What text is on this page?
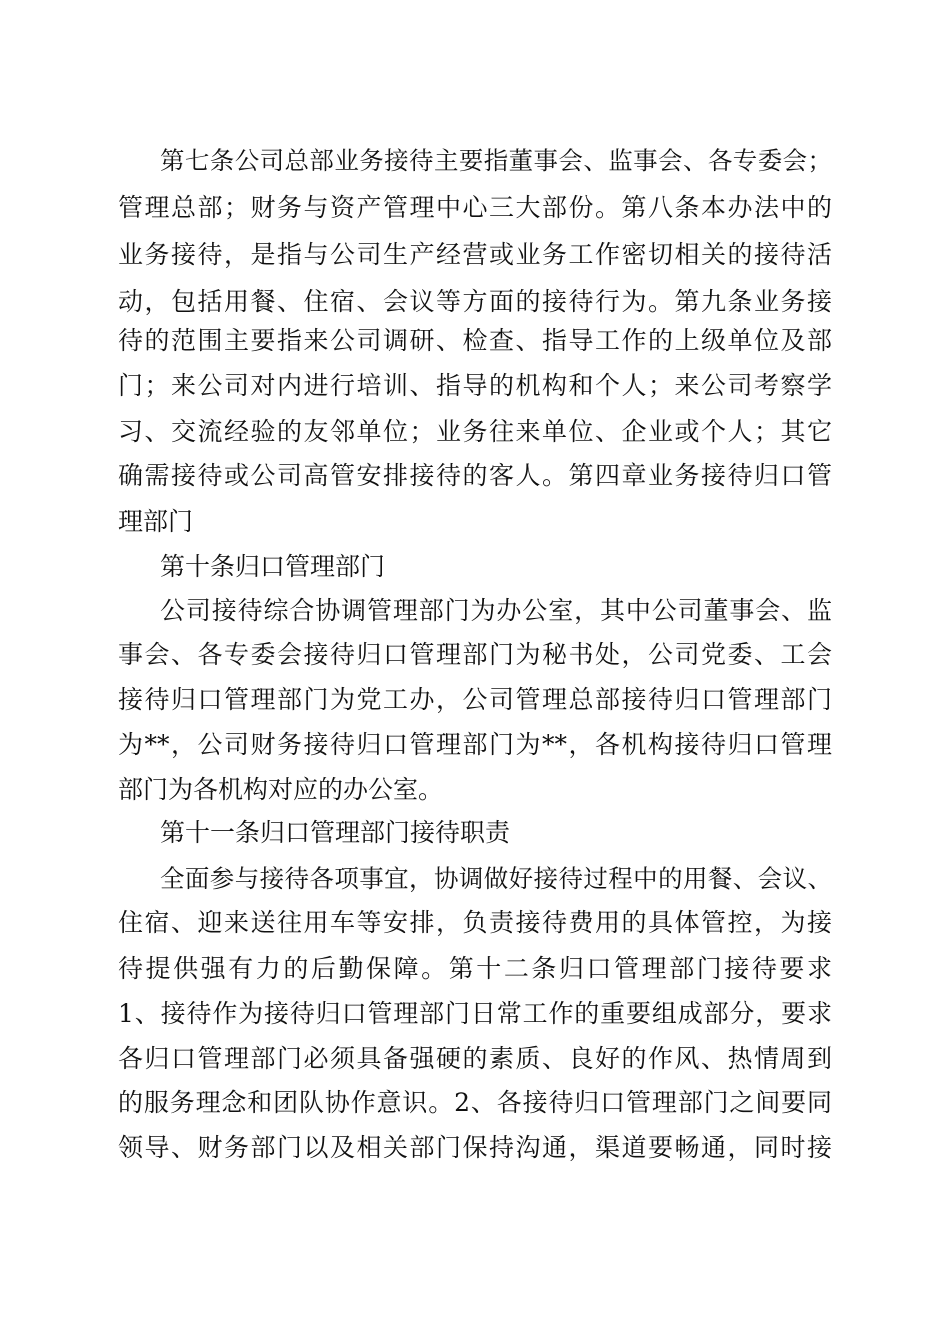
第七条公司总部业务接待主要指董事会、监事会、各专委会；
管理总部；财务与资产管理中心三大部份。第八条本办法中的
业务接待，是指与公司生产经营或业务工作密切相关的接待活
动，包括用餐、住宿、会议等方面的接待行为。第九条业务接
待的范围主要指来公司调研、检查、指导工作的上级单位及部
门；来公司对内进行培训、指导的机构和个人；来公司考察学
习、交流经验的友邻单位；业务往来单位、企业或个人；其它
确需接待或公司高管安排接待的客人。第四章业务接待归口管
理部门
第十条归口管理部门
公司接待综合协调管理部门为办公室，其中公司董事会、监
事会、各专委会接待归口管理部门为秘书处，公司党委、工会
接待归口管理部门为党工办，公司管理总部接待归口管理部门
为**，公司财务接待归口管理部门为**，各机构接待归口管理
部门为各机构对应的办公室。
第十一条归口管理部门接待职责
全面参与接待各项事宜，协调做好接待过程中的用餐、会议、
住宿、迎来送往用车等安排，负责接待费用的具体管控，为接
待提供强有力的后勤保障。第十二条归口管理部门接待要求
1、接待作为接待归口管理部门日常工作的重要组成部分，要求
各归口管理部门必须具备强硬的素质、良好的作风、热情周到
的服务理念和团队协作意识。2、各接待归口管理部门之间要同
领导、财务部门以及相关部门保持沟通，渠道要畅通，同时接
